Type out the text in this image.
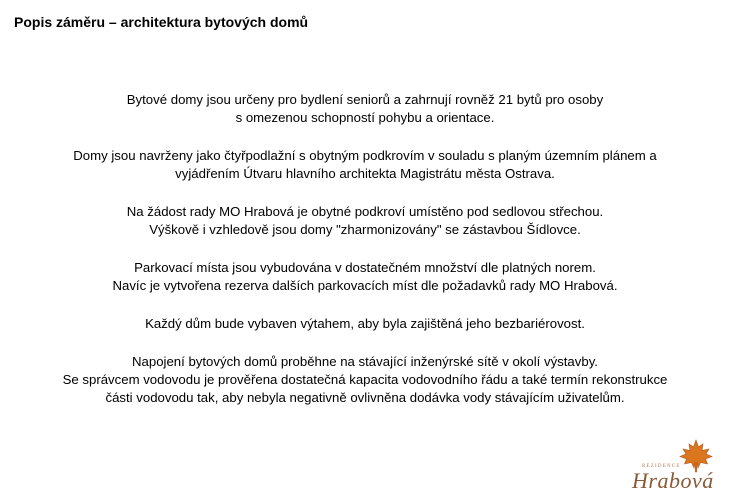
Popis záměru – architektura bytových domů

Bytové domy jsou určeny pro bydlení seniorů a zahrnují rovněž 21 bytů pro osoby
s omezenou schopností pohybu a orientace.

Domy jsou navrženy jako čtyřpodlažní s obytným podkrovím v souladu s planým územním plánem a
vyjádřením Útvaru hlavního architekta Magistrátu města Ostrava.

Na žádost rady MO Hrabová je obytné podkroví umístěno pod sedlovou střechou.
Výškově i vzhledově jsou domy "zharmonizovány" se zástavbou Šídlovce.

Parkovací místa jsou vybudována v dostatečném množství dle platných norem.
Navíc je vytvořena rezerva dalších parkovacích míst dle požadavků rady MO Hrabová.

Každý dům bude vybaven výtahem, aby byla zajištěná jeho bezbariérovost.

Napojení bytových domů proběhne na stávající inženýrské sítě v okolí výstavby.
Se správcem vodovodu je prověřena dostatečná kapacita vodovodního řádu a také termín rekonstrukce
části vodovodu tak, aby nebyla negativně ovlivněna dodávka vody stávajícím uživatelům.

REZIDENCE
Hrabová
